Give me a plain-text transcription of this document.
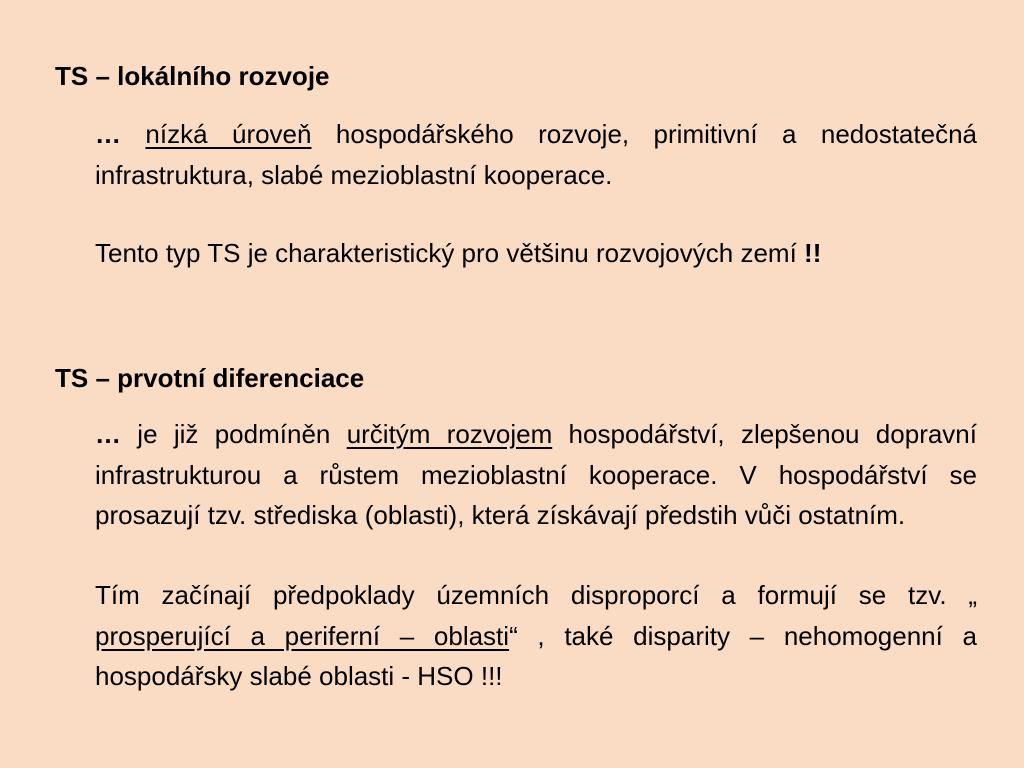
TS – lokálního rozvoje
… nízká úroveň hospodářského rozvoje, primitivní a nedostatečná infrastruktura, slabé mezioblastní kooperace.
Tento typ TS je charakteristický pro většinu rozvojových zemí !!
TS – prvotní diferenciace
… je již podmíněn určitým rozvojem hospodářství, zlepšenou dopravní infrastrukturou a růstem mezioblastní kooperace. V hospodářství se prosazují tzv. střediska (oblasti), která získávají předstih vůči ostatním.
Tím začínají předpoklady územních disproporcí a formují se tzv. „ prosperující a periferní – oblasti“ , také disparity – nehomogenní a hospodářsky slabé oblasti - HSO !!!
